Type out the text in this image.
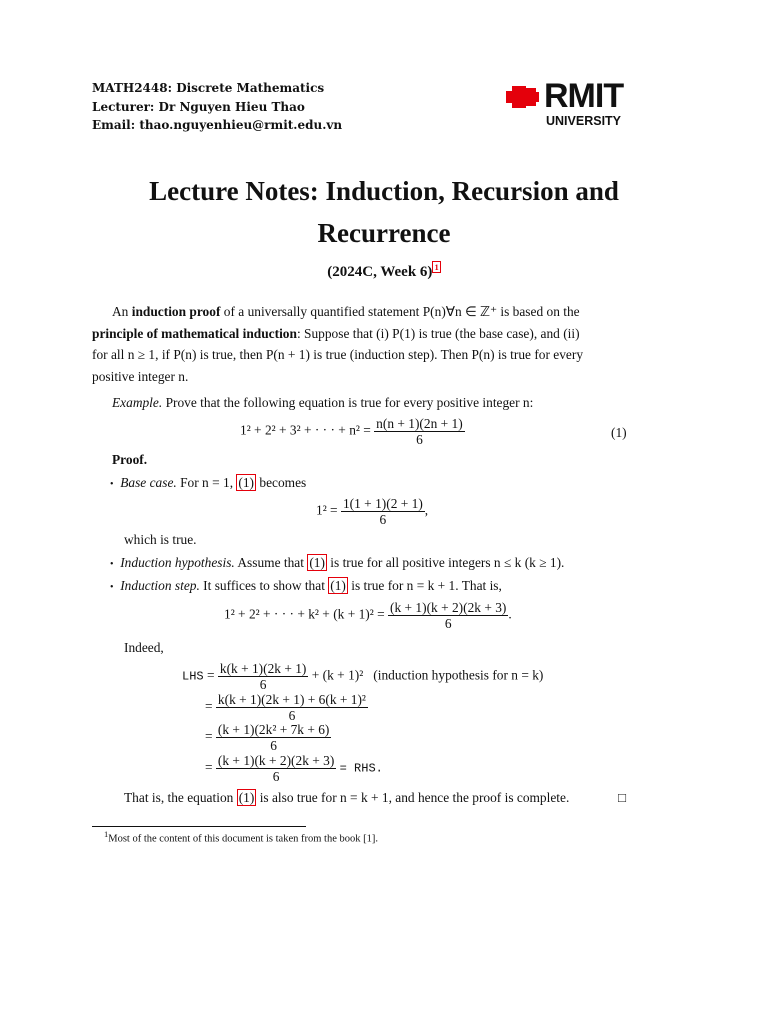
MATH2448: Discrete Mathematics
Lecturer: Dr Nguyen Hieu Thao
Email: thao.nguyenhieu@rmit.edu.vn
RMIT
UNIVERSITY
Lecture Notes: Induction, Recursion and
Recurrence
(2024C, Week 6) $^1$
An induction proof of a universally quantified statement P(n)∀n ∈ ℤ⁺ is based on the
principle of mathematical induction: Suppose that (i) P(1) is true (the base case), and (ii)
for all n ≥ 1, if P(n) is true, then P(n + 1) is true (induction step). Then P(n) is true for every
positive integer n.
Example. Prove that the following equation is true for every positive integer n:
1² + 2² + 3² + · · · + $n^2 = \frac{n(n + 1)(2n + 1)}{6}$	(1)
Proof.
• Base case. For n = 1, (1) becomes
$1^2 = \frac{1(1 + 1)(2 + 1)}{6}$ ,
which is true.
• Induction hypothesis. Assume that (1) is true for all positive integers n ≤ k (k ≥ 1).
• Induction step. It suffices to show that (1) is true for n = k + 1. That is,
1² + 2² + · · · + $k^2 + (k + 1)^2 = \frac{(k + 1)(k + 2)(2k + 3)}{6}$ .
Indeed,
LHS = $\frac{k(k + 1)(2k + 1)}{6} + (k + 1)^2$ (induction hypothesis for n = k)
= $\frac{\text{k(k + 1)(2k + 1) + 6(k + 1)²}}{6}$
= $\frac{\text{(k + 1)(2k² + 7k + 6)}}{6}$
= $\frac{(k + 1)(k + 2)(2k + 3)}{6}$ = RHS.
That is, the equation (1) is also true for n = k + 1, and hence the proof is complete.	□
$^1$Most of the content of this document is taken from the book [1].
